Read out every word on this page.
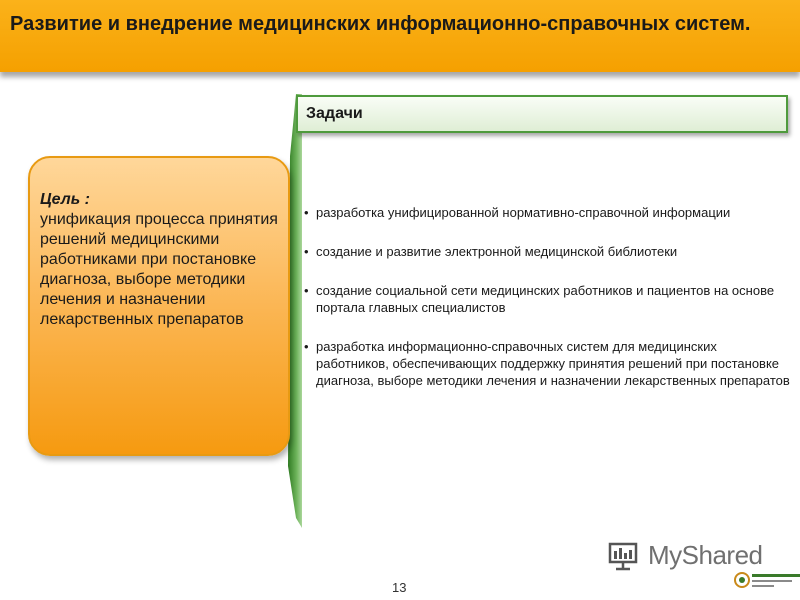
Развитие и внедрение медицинских информационно-справочных систем.
Цель :
унификация процесса принятия решений медицинскими работниками при постановке диагноза, выборе методики лечения и назначении лекарственных препаратов
Задачи
• разработка унифицированной нормативно-справочной информации
• создание и развитие электронной медицинской библиотеки
• создание социальной сети медицинских работников и пациентов на основе портала главных специалистов
• разработка информационно-справочных систем для медицинских работников, обеспечивающих поддержку принятия решений при постановке диагноза, выборе методики лечения и назначении лекарственных препаратов
13
MyShared
